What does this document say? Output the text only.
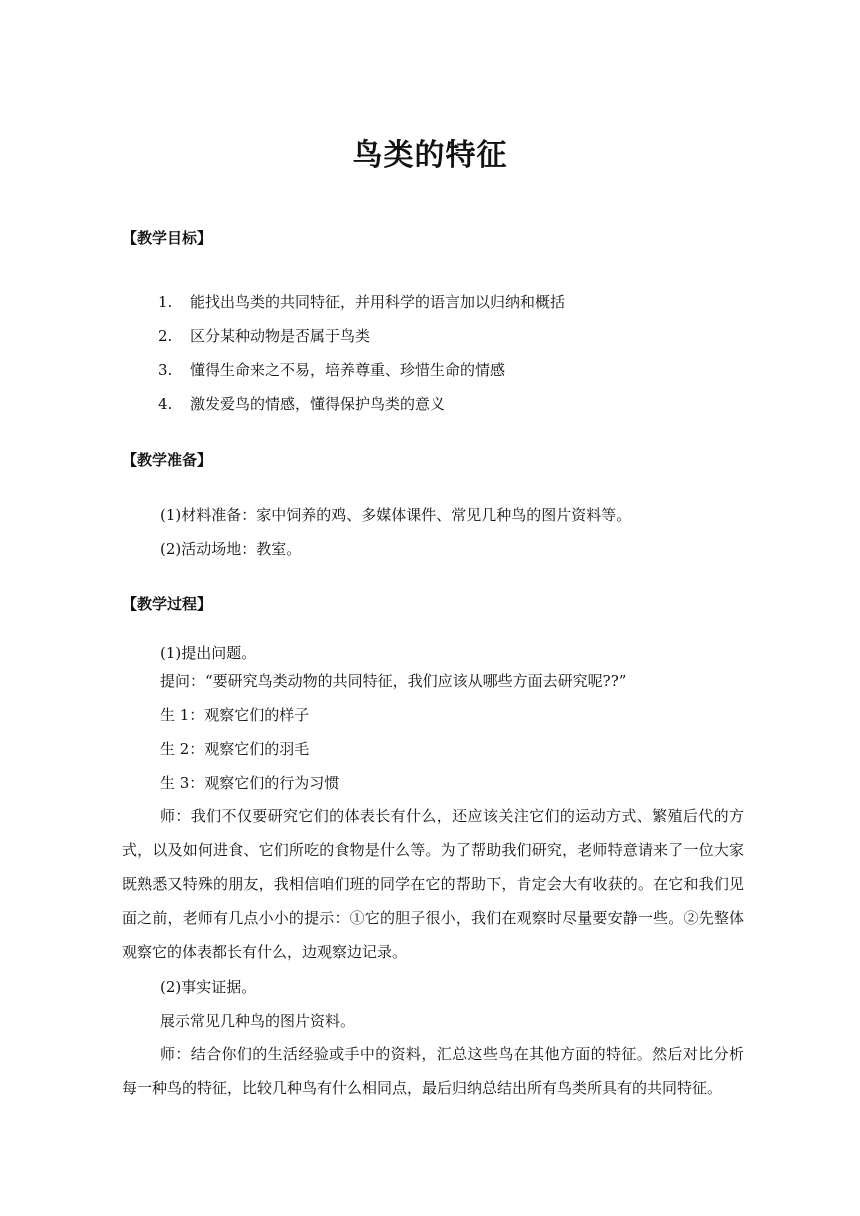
鸟类的特征
【教学目标】
1.	能找出鸟类的共同特征，并用科学的语言加以归纳和概括
2.	区分某种动物是否属于鸟类
3.	懂得生命来之不易，培养尊重、珍惜生命的情感
4.	激发爱鸟的情感，懂得保护鸟类的意义
【教学准备】
(1)材料准备：家中饲养的鸡、多媒体课件、常见几种鸟的图片资料等。
(2)活动场地：教室。
【教学过程】
(1)提出问题。
提问：“要研究鸟类动物的共同特征，我们应该从哪些方面去研究呢??”
生 1：观察它们的样子
生 2：观察它们的羽毛
生 3：观察它们的行为习惯
师：我们不仅要研究它们的体表长有什么，还应该关注它们的运动方式、繁殖后代的方式，以及如何进食、它们所吃的食物是什么等。为了帮助我们研究，老师特意请来了一位大家既熟悉又特殊的朋友，我相信咱们班的同学在它的帮助下，肯定会大有收获的。在它和我们见面之前，老师有几点小小的提示：①它的胆子很小，我们在观察时尽量要安静一些。②先整体观察它的体表都长有什么，边观察边记录。
(2)事实证据。
展示常见几种鸟的图片资料。
师：结合你们的生活经验或手中的资料，汇总这些鸟在其他方面的特征。然后对比分析每一种鸟的特征，比较几种鸟有什么相同点，最后归纳总结出所有鸟类所具有的共同特征。
